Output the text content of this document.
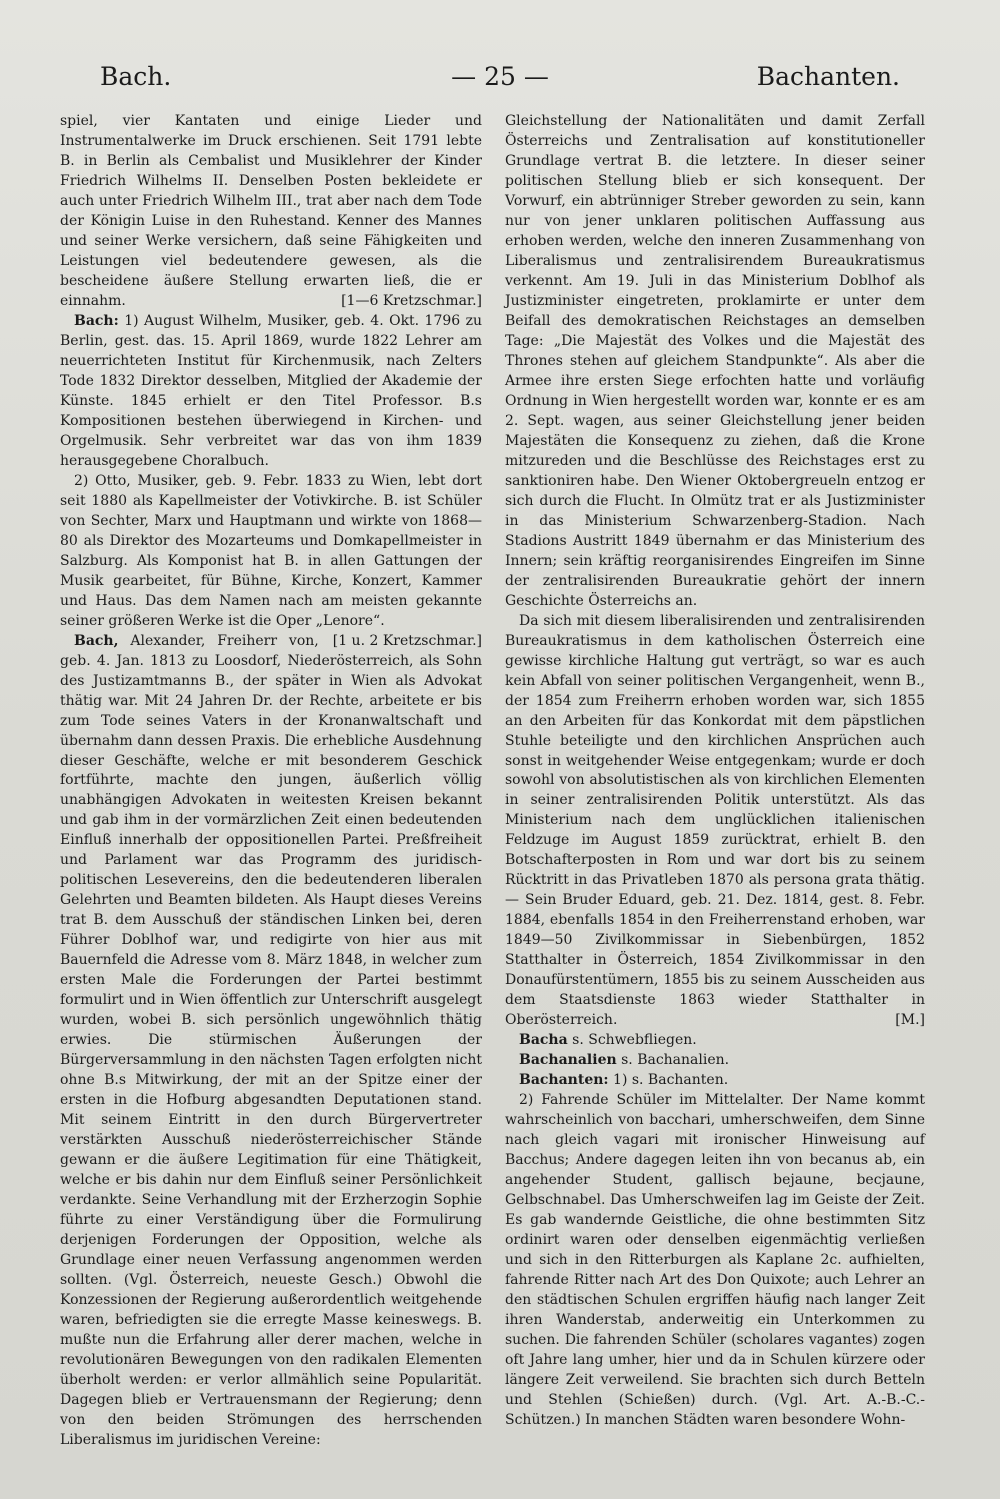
Bach.	— 25 —	Bachanten.

spiel, vier Kantaten und einige Lieder und Instrumentalwerke im Druck erschienen. Seit 1791 lebte B. in Berlin als Cembalist und Musiklehrer der Kinder Friedrich Wilhelms II. Denselben Posten bekleidete er auch unter Friedrich Wilhelm III., trat aber nach dem Tode der Königin Luise in den Ruhestand. Kenner des Mannes und seiner Werke versichern, daß seine Fähigkeiten und Leistungen viel bedeutendere gewesen, als die bescheidene äußere Stellung erwarten ließ, die er einnahm.	[1—6 Kretzschmar.]

Bach: 1) August Wilhelm, Musiker, geb. 4. Okt. 1796 zu Berlin, gest. das. 15. April 1869, wurde 1822 Lehrer am neuerrichteten Institut für Kirchenmusik, nach Zelters Tode 1832 Direktor desselben, Mitglied der Akademie der Künste. 1845 erhielt er den Titel Professor. B.s Kompositionen bestehen überwiegend in Kirchen- und Orgelmusik. Sehr verbreitet war das von ihm 1839 herausgegebene Choralbuch.

2) Otto, Musiker, geb. 9. Febr. 1833 zu Wien, lebt dort seit 1880 als Kapellmeister der Votivkirche. B. ist Schüler von Sechter, Marx und Hauptmann und wirkte von 1868—80 als Direktor des Mozarteums und Domkapellmeister in Salzburg. Als Komponist hat B. in allen Gattungen der Musik gearbeitet, für Bühne, Kirche, Konzert, Kammer und Haus. Das dem Namen nach am meisten gekannte seiner größeren Werke ist die Oper „Lenore“.
[1 u. 2 Kretzschmar.]

Bach, Alexander, Freiherr von, geb. 4. Jan. 1813 zu Loosdorf, Niederösterreich, als Sohn des Justizamtmanns B., der später in Wien als Advokat thätig war. Mit 24 Jahren Dr. der Rechte, arbeitete er bis zum Tode seines Vaters in der Kronanwaltschaft und übernahm dann dessen Praxis. Die erhebliche Ausdehnung dieser Geschäfte, welche er mit besonderem Geschick fortführte, machte den jungen, äußerlich völlig unabhängigen Advokaten in weitesten Kreisen bekannt und gab ihm in der vormärzlichen Zeit einen bedeutenden Einfluß innerhalb der oppositionellen Partei. Preßfreiheit und Parlament war das Programm des juridisch-politischen Lesevereins, den die bedeutenderen liberalen Gelehrten und Beamten bildeten. Als Haupt dieses Vereins trat B. dem Ausschuß der ständischen Linken bei, deren Führer Doblhof war, und redigirte von hier aus mit Bauernfeld die Adresse vom 8. März 1848, in welcher zum ersten Male die Forderungen der Partei bestimmt formulirt und in Wien öffentlich zur Unterschrift ausgelegt wurden, wobei B. sich persönlich ungewöhnlich thätig erwies. Die stürmischen Äußerungen der Bürgerversammlung in den nächsten Tagen erfolgten nicht ohne B.s Mitwirkung, der mit an der Spitze einer der ersten in die Hofburg abgesandten Deputationen stand. Mit seinem Eintritt in den durch Bürgervertreter verstärkten Ausschuß niederösterreichischer Stände gewann er die äußere Legitimation für eine Thätigkeit, welche er bis dahin nur dem Einfluß seiner Persönlichkeit verdankte. Seine Verhandlung mit der Erzherzogin Sophie führte zu einer Verständigung über die Formulirung derjenigen Forderungen der Opposition, welche als Grundlage einer neuen Verfassung angenommen werden sollten. (Vgl. Österreich, neueste Gesch.) Obwohl die Konzessionen der Regierung außerordentlich weitgehende waren, befriedigten sie die erregte Masse keineswegs. B. mußte nun die Erfahrung aller derer machen, welche in revolutionären Bewegungen von den radikalen Elementen überholt werden: er verlor allmählich seine Popularität. Dagegen blieb er Vertrauensmann der Regierung; denn von den beiden Strömungen des herrschenden Liberalismus im juridischen Vereine:

Gleichstellung der Nationalitäten und damit Zerfall Österreichs und Zentralisation auf konstitutioneller Grundlage vertrat B. die letztere. In dieser seiner politischen Stellung blieb er sich konsequent. Der Vorwurf, ein abtrünniger Streber geworden zu sein, kann nur von jener unklaren politischen Auffassung aus erhoben werden, welche den inneren Zusammenhang von Liberalismus und zentralisirendem Bureaukratismus verkennt. Am 19. Juli in das Ministerium Doblhof als Justizminister eingetreten, proklamirte er unter dem Beifall des demokratischen Reichstages an demselben Tage: „Die Majestät des Volkes und die Majestät des Thrones stehen auf gleichem Standpunkte“. Als aber die Armee ihre ersten Siege erfochten hatte und vorläufig Ordnung in Wien hergestellt worden war, konnte er es am 2. Sept. wagen, aus seiner Gleichstellung jener beiden Majestäten die Konsequenz zu ziehen, daß die Krone mitzureden und die Beschlüsse des Reichstages erst zu sanktioniren habe. Den Wiener Oktobergreueln entzog er sich durch die Flucht. In Olmütz trat er als Justizminister in das Ministerium Schwarzenberg-Stadion. Nach Stadions Austritt 1849 übernahm er das Ministerium des Innern; sein kräftig reorganisirendes Eingreifen im Sinne der zentralisirenden Bureaukratie gehört der innern Geschichte Österreichs an.

Da sich mit diesem liberalisirenden und zentralisirenden Bureaukratismus in dem katholischen Österreich eine gewisse kirchliche Haltung gut verträgt, so war es auch kein Abfall von seiner politischen Vergangenheit, wenn B., der 1854 zum Freiherrn erhoben worden war, sich 1855 an den Arbeiten für das Konkordat mit dem päpstlichen Stuhle beteiligte und den kirchlichen Ansprüchen auch sonst in weitgehender Weise entgegenkam; wurde er doch sowohl von absolutistischen als von kirchlichen Elementen in seiner zentralisirenden Politik unterstützt. Als das Ministerium nach dem unglücklichen italienischen Feldzuge im August 1859 zurücktrat, erhielt B. den Botschafterposten in Rom und war dort bis zu seinem Rücktritt in das Privatleben 1870 als persona grata thätig. — Sein Bruder Eduard, geb. 21. Dez. 1814, gest. 8. Febr. 1884, ebenfalls 1854 in den Freiherrenstand erhoben, war 1849—50 Zivilkommissar in Siebenbürgen, 1852 Statthalter in Österreich, 1854 Zivilkommissar in den Donaufürstentümern, 1855 bis zu seinem Ausscheiden aus dem Staatsdienste 1863 wieder Statthalter in Oberösterreich.	[M.]

Bacha s. Schwebfliegen.

Bachanalien s. Bachanalien.

Bachanten: 1) s. Bachanten.

2) Fahrende Schüler im Mittelalter. Der Name kommt wahrscheinlich von bacchari, umherschweifen, dem Sinne nach gleich vagari mit ironischer Hinweisung auf Bacchus; Andere dagegen leiten ihn von becanus ab, ein angehender Student, gallisch bejaune, becjaune, Gelbschnabel. Das Umherschweifen lag im Geiste der Zeit. Es gab wandernde Geistliche, die ohne bestimmten Sitz ordinirt waren oder denselben eigenmächtig verließen und sich in den Ritterburgen als Kaplane 2c. aufhielten, fahrende Ritter nach Art des Don Quixote; auch Lehrer an den städtischen Schulen ergriffen häufig nach langer Zeit ihren Wanderstab, anderweitig ein Unterkommen zu suchen. Die fahrenden Schüler (scholares vagantes) zogen oft Jahre lang umher, hier und da in Schulen kürzere oder längere Zeit verweilend. Sie brachten sich durch Betteln und Stehlen (Schießen) durch. (Vgl. Art. A.-B.-C.-Schützen.) In manchen Städten waren besondere Wohn-
